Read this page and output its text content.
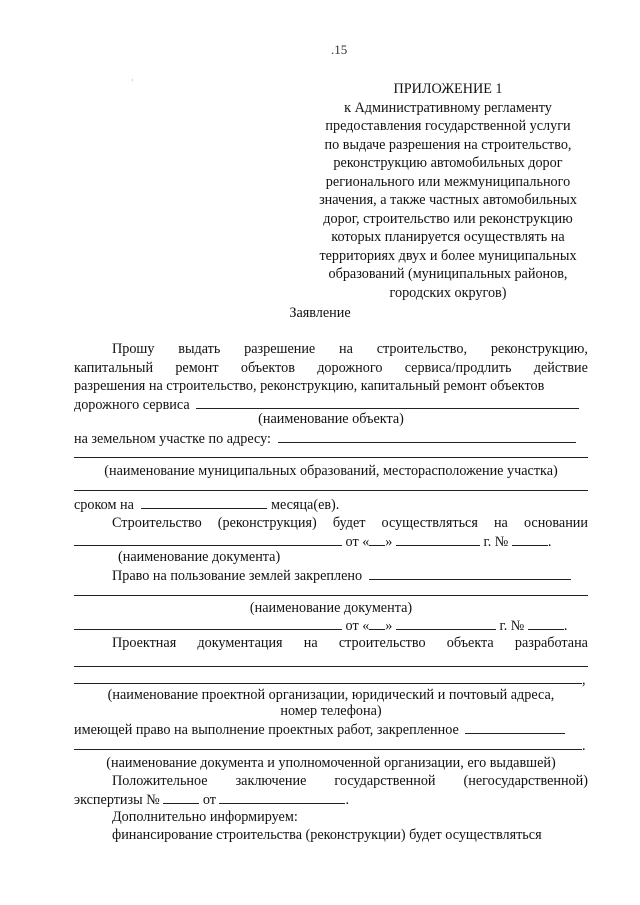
.15
·
ПРИЛОЖЕНИЕ 1
к Административному регламенту
предоставления государственной услуги
по выдаче разрешения на строительство,
реконструкцию автомобильных дорог
регионального или межмуниципального
значения, а также частных автомобильных
дорог, строительство или реконструкцию
которых планируется осуществлять на
территориях двух и более муниципальных
образований (муниципальных районов,
городских округов)
Заявление
Прошу выдать разрешение на строительство, реконструкцию,
капитальный ремонт объектов дорожного сервиса/продлить действие
разрешения на строительство, реконструкцию, капитальный ремонт объектов
дорожного сервиса
(наименование объекта)
на земельном участке по адресу:
(наименование муниципальных образований, месторасположение участка)
сроком на	месяца(ев).
Строительство (реконструкция) будет осуществляться на основании
от « »	г. №	.
(наименование документа)
Право на пользование землей закреплено
(наименование документа)
от « »	г. №	.
Проектная документация на строительство объекта разработана
,
(наименование проектной организации, юридический и почтовый адреса,
номер телефона)
имеющей право на выполнение проектных работ, закрепленное
.
(наименование документа и уполномоченной организации, его выдавшей)
Положительное заключение государственной (негосударственной)
экспертизы №	от	.
Дополнительно информируем:
финансирование строительства (реконструкции) будет осуществляться
